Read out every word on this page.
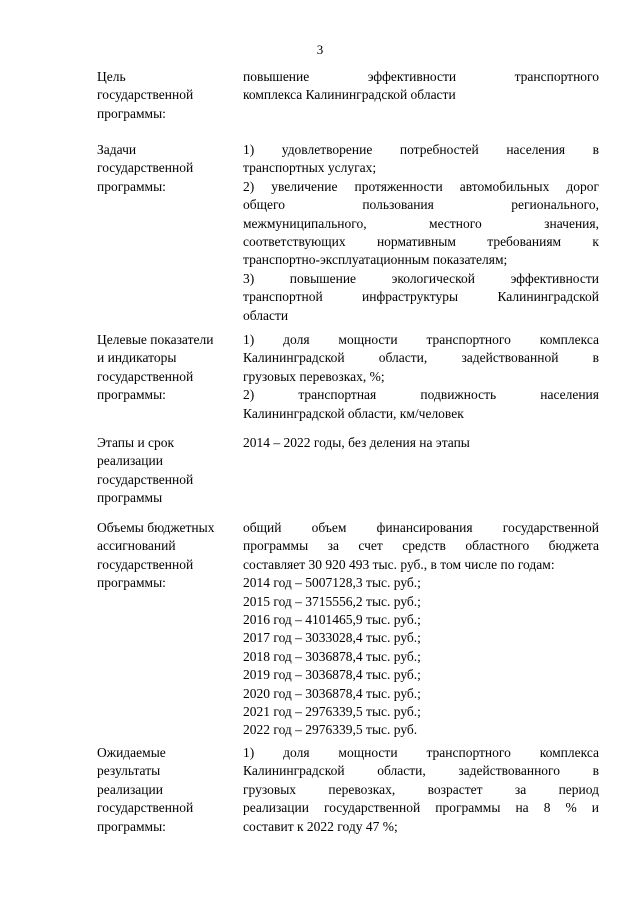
3
Цель
государственной
программы:
повышение эффективности транспортного
комплекса Калининградской области
Задачи
государственной
программы:
1) удовлетворение потребностей населения в
транспортных услугах;
2) увеличение протяженности автомобильных дорог
общего пользования регионального,
межмуниципального, местного значения,
соответствующих нормативным требованиям к
транспортно-эксплуатационным показателям;
3) повышение экологической эффективности
транспортной инфраструктуры Калининградской
области
Целевые показатели
и индикаторы
государственной
программы:
1) доля мощности транспортного комплекса
Калининградской области, задействованной в
грузовых перевозках, %;
2) транспортная подвижность населения
Калининградской области, км/человек
Этапы и срок
реализации
государственной
программы
2014 – 2022 годы, без деления на этапы
Объемы бюджетных
ассигнований
государственной
программы:
общий объем финансирования государственной
программы за счет средств областного бюджета
составляет 30 920 493 тыс. руб., в том числе по годам:
2014 год – 5007128,3 тыс. руб.;
2015 год – 3715556,2 тыс. руб.;
2016 год – 4101465,9 тыс. руб.;
2017 год – 3033028,4 тыс. руб.;
2018 год – 3036878,4 тыс. руб.;
2019 год – 3036878,4 тыс. руб.;
2020 год – 3036878,4 тыс. руб.;
2021 год – 2976339,5 тыс. руб.;
2022 год – 2976339,5 тыс. руб.
Ожидаемые
результаты
реализации
государственной
программы:
1) доля мощности транспортного комплекса
Калининградской области, задействованного в
грузовых перевозках, возрастет за период
реализации государственной программы на 8 % и
составит к 2022 году 47 %;
